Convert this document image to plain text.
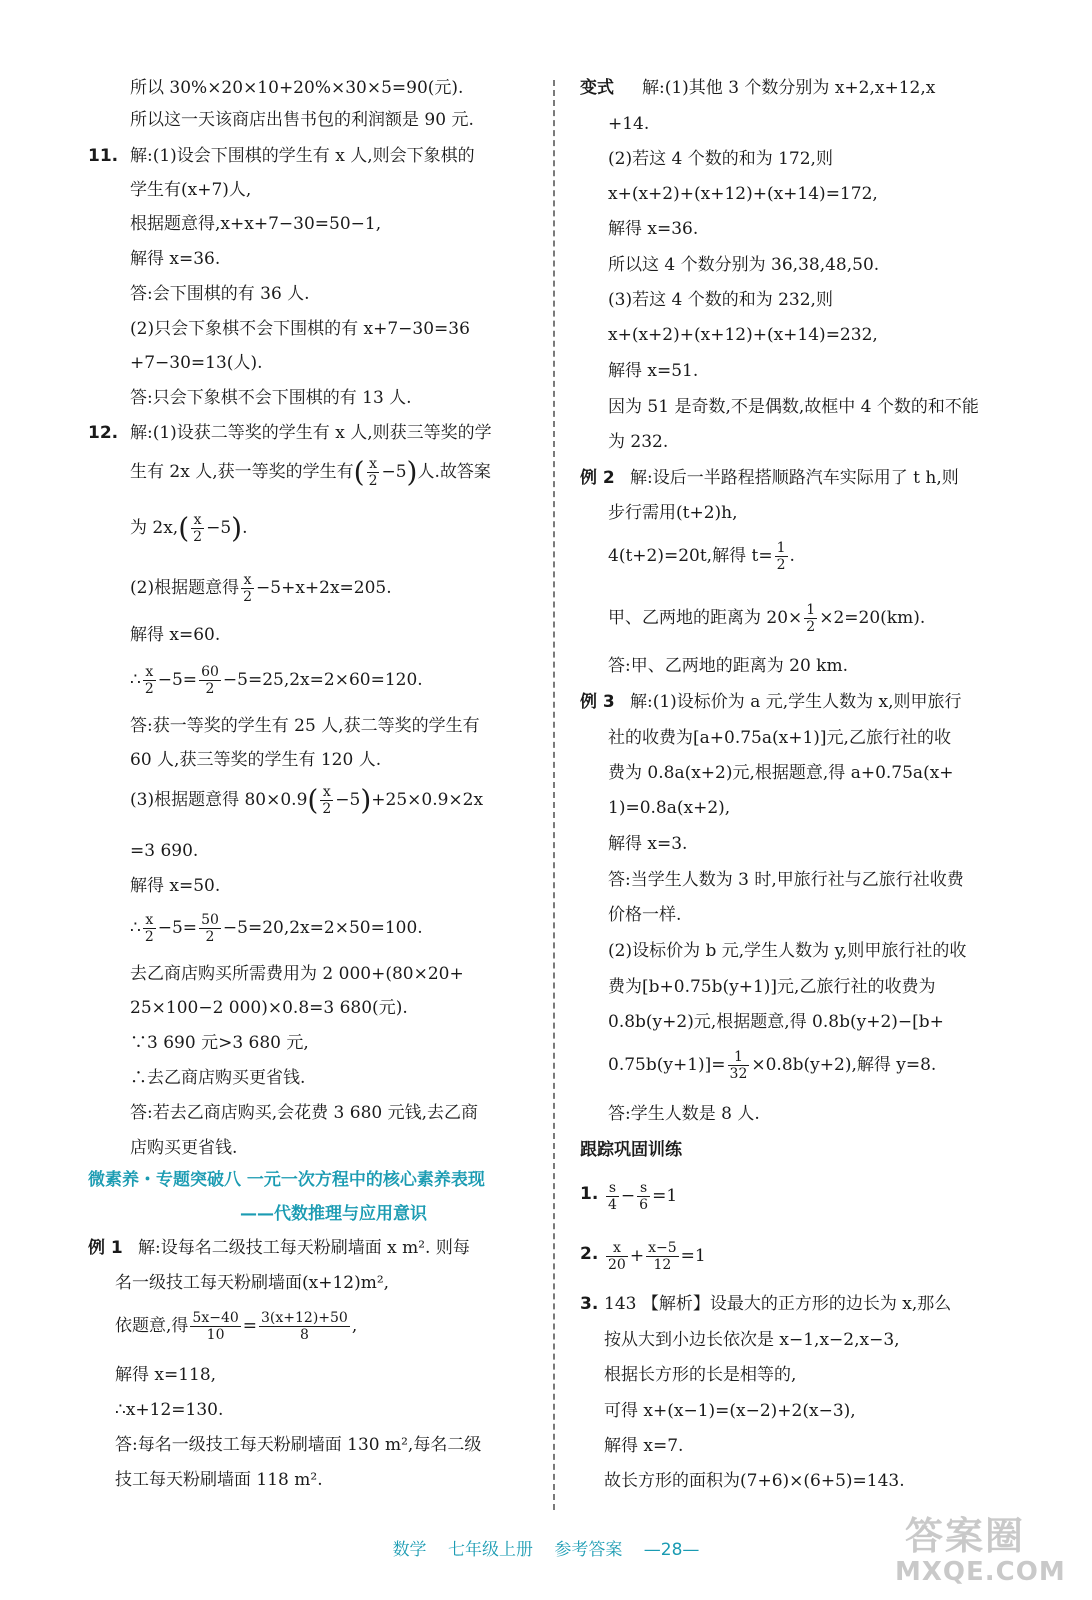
所以 30%×20×10+20%×30×5=90(元).
所以这一天该商店出售书包的利润额是 90 元.
11. 解:(1)设会下围棋的学生有 x 人,则会下象棋的
学生有(x+7)人,
根据题意得,x+x+7−30=50−1,
解得 x=36.
答:会下围棋的有 36 人.
(2)只会下象棋不会下围棋的有 x+7−30=36
+7−30=13(人).
答:只会下象棋不会下围棋的有 13 人.
12. 解:(1)设获二等奖的学生有 x 人,则获三等奖的学
生有 2x 人,获一等奖的学生有( $\frac{x}{2} -5$)人.故答案
为 $2x,( \frac{x}{2} -5)$.
(2)根据题意得 $\frac{x}{2} -5+x+2x=205$.
解得 x=60.
∴ $\frac{x}{2} -5= \frac{60}{2} -5=25,2x=2\times 60=120$.
答:获一等奖的学生有 25 人,获二等奖的学生有
60 人,获三等奖的学生有 120 人.
(3)根据题意得 $80\times 0.9( \frac{x}{2} -5)+25\times 0.9\times 2x$
=3 690.
解得 x=50.
∴ $\frac{x}{2} -5= \frac{50}{2} -5=20,2x=2\times 50=100$.
去乙商店购买所需费用为 2 000+(80×20+
25×100−2 000)×0.8=3 680(元).
∵3 690 元>3 680 元,
∴去乙商店购买更省钱.
答:若去乙商店购买,会花费 3 680 元钱,去乙商
店购买更省钱.
微素养・专题突破八 一元一次方程中的核心素养表现
——代数推理与应用意识
例 1 解:设每名二级技工每天粉刷墙面 x m². 则每
名一级技工每天粉刷墙面(x+12)m²,
依题意,得 $\frac{5x-40}{10} = \frac{3(x+12)+50}{8}$ ,
解得 x=118,
∴x+12=130.
答:每名一级技工每天粉刷墙面 130 m²,每名二级
技工每天粉刷墙面 118 m².
变式 解:(1)其他 3 个数分别为 x+2,x+12,x
+14.
(2)若这 4 个数的和为 172,则
x+(x+2)+(x+12)+(x+14)=172,
解得 x=36.
所以这 4 个数分别为 36,38,48,50.
(3)若这 4 个数的和为 232,则
x+(x+2)+(x+12)+(x+14)=232,
解得 x=51.
因为 51 是奇数,不是偶数,故框中 4 个数的和不能
为 232.
例 2 解:设后一半路程搭顺路汽车实际用了 t h,则
步行需用(t+2)h,
4(t+2)=20t,解得 $t= \frac{1}{2}$ .
甲、乙两地的距离为 $20\times \frac{1}{2} \times 2=20(km)$.
答:甲、乙两地的距离为 20 km.
例 3 解:(1)设标价为 a 元,学生人数为 x,则甲旅行
社的收费为[a+0.75a(x+1)]元,乙旅行社的收
费为 0.8a(x+2)元,根据题意,得 a+0.75a(x+
1)=0.8a(x+2),
解得 x=3.
答:当学生人数为 3 时,甲旅行社与乙旅行社收费
价格一样.
(2)设标价为 b 元,学生人数为 y,则甲旅行社的收
费为[b+0.75b(y+1)]元,乙旅行社的收费为
0.8b(y+2)元,根据题意,得 0.8b(y+2)−[b+
$0.75b(y+1)]= \frac{1}{32} \times 0.8b(y+2)$,解得 y=8.
答:学生人数是 8 人.
跟踪巩固训练
1. $\frac{s}{4} - \frac{s}{6} =1$
2. $\frac{x}{20} + \frac{x-5}{12} =1$
3. 143 【解析】设最大的正方形的边长为 x,那么
按从大到小边长依次是 x−1,x−2,x−3,
根据长方形的长是相等的,
可得 x+(x−1)=(x−2)+2(x−3),
解得 x=7.
故长方形的面积为(7+6)×(6+5)=143.
数学 七年级上册 参考答案 —28—	答案圈
MXQE.COM
